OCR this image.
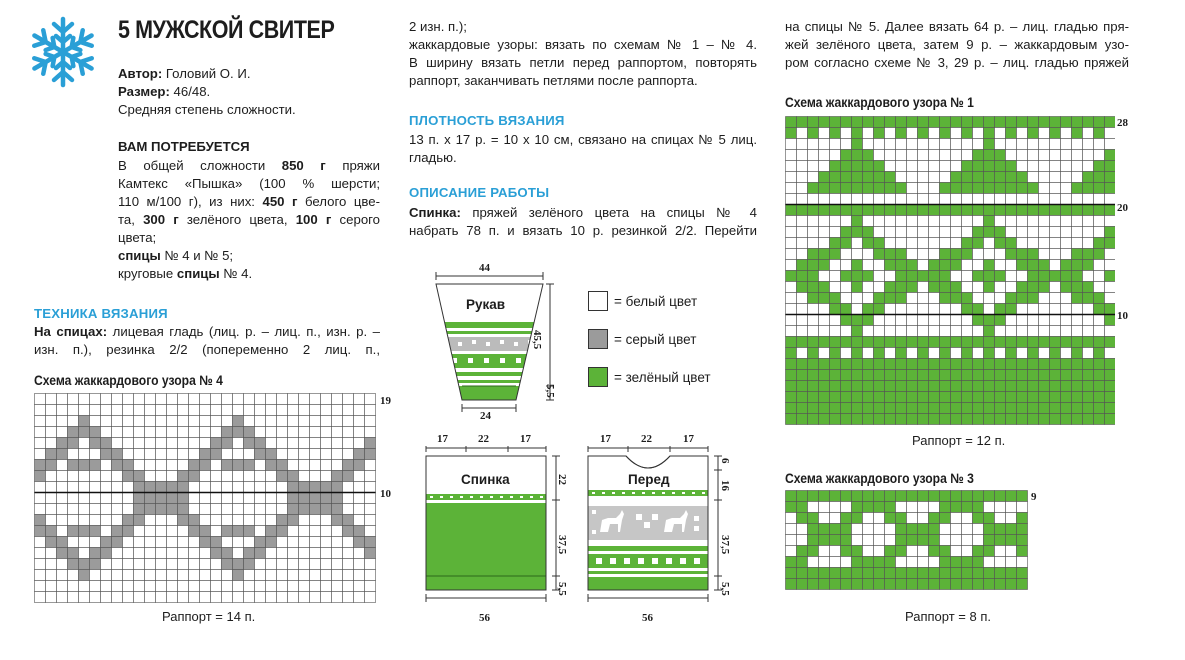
5 МУЖСКОЙ СВИТЕР
Автор: Головий О. И.
Размер: 46/48.
Средняя степень сложности.
ВАМ ПОТРЕБУЕТСЯ
В общей сложности 850 г пряжи
Камтекс «Пышка» (100 % шерсти;
110 м/100 г), из них: 450 г белого цве-
та, 300 г зелёного цвета, 100 г серого
цвета;
спицы № 4 и № 5;
круговые спицы № 4.
ТЕХНИКА ВЯЗАНИЯ
На спицах: лицевая гладь (лиц. р. – лиц. п., изн. р. –
изн. п.), резинка 2/2 (попеременно 2 лиц. п.,
Схема жаккардового узора № 4
19
10
Раппорт = 14 п.
2 изн. п.);
жаккардовые узоры: вязать по схемам № 1 – № 4.
В ширину вязать петли перед раппортом, повторять
раппорт, заканчивать петлями после раппорта.
ПЛОТНОСТЬ ВЯЗАНИЯ
13 п. х 17 р. = 10 х 10 см, связано на спицах № 5 лиц.
гладью.
ОПИСАНИЕ РАБОТЫ
Спинка: пряжей зелёного цвета на спицы № 4
набрать 78 п. и вязать 10 р. резинкой 2/2. Перейти
44
Рукав
45,5
5,5
24
= белый цвет
= серый цвет
= зелёный цвет
17	22	17
Спинка	22
37,5
5,5
56
17	22	17
Перед
6
16
37,5
5,5
56
на спицы № 5. Далее вязать 64 р. – лиц. гладью пря-
жей зелёного цвета, затем 9 р. – жаккардовым узо-
ром согласно схеме № 3, 29 р. – лиц. гладью пряжей
Схема жаккардового узора № 1
28
20
10
Раппорт = 12 п.
Схема жаккардового узора № 3
9
Раппорт = 8 п.
